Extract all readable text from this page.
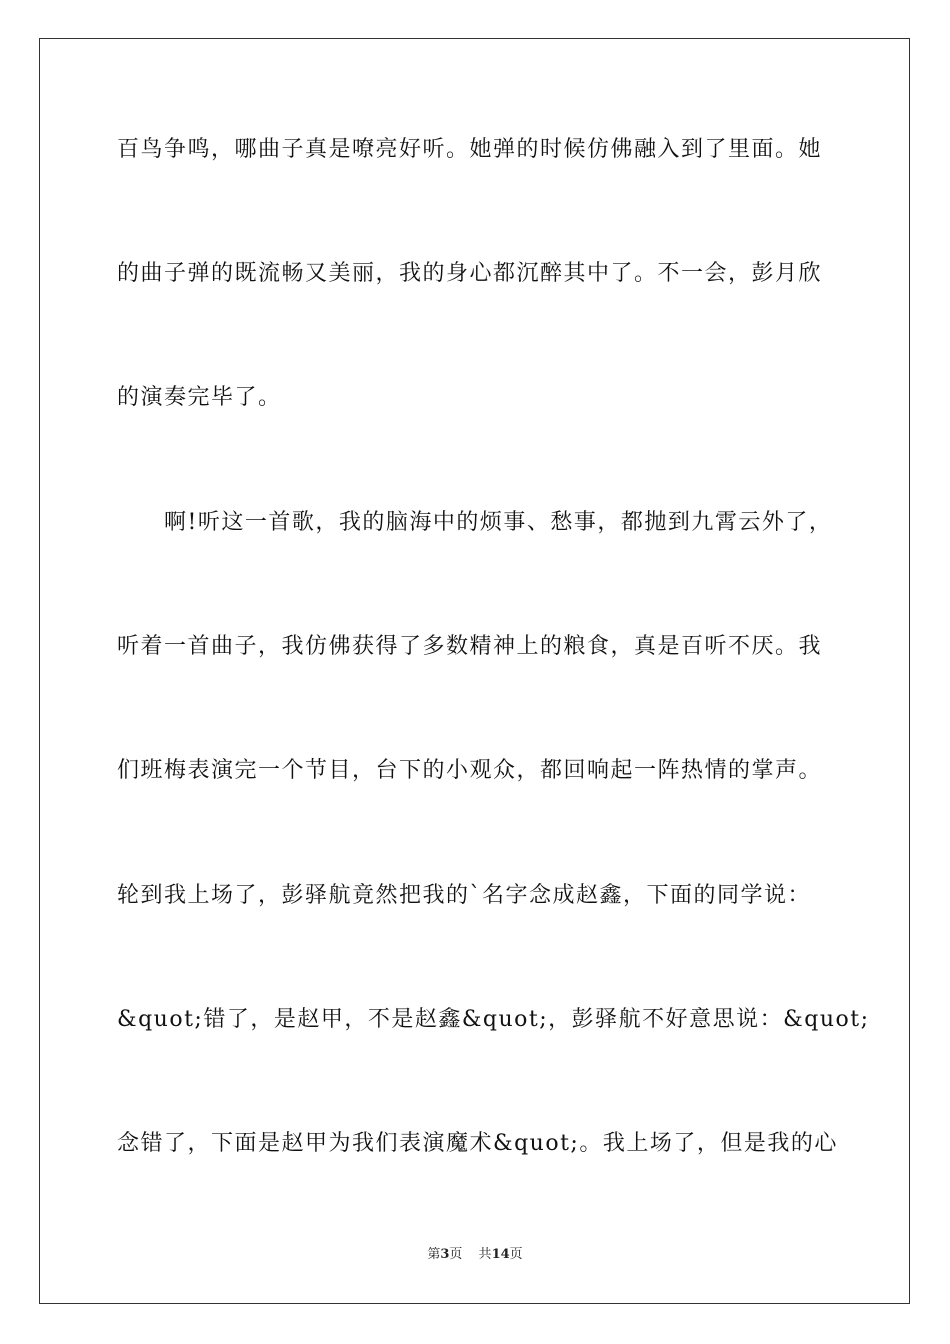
百鸟争鸣，哪曲子真是嘹亮好听。她弹的时候仿佛融入到了里面。她
的曲子弹的既流畅又美丽，我的身心都沉醉其中了。不一会，彭月欣
的演奏完毕了。
　　啊!听这一首歌，我的脑海中的烦事、愁事，都抛到九霄云外了，
听着一首曲子，我仿佛获得了多数精神上的粮食，真是百听不厌。我
们班梅表演完一个节目，台下的小观众，都回响起一阵热情的掌声。
轮到我上场了，彭驿航竟然把我的`名字念成赵鑫，下面的同学说：
&quot;错了，是赵甲，不是赵鑫&quot;，彭驿航不好意思说：&quot;
念错了，下面是赵甲为我们表演魔术&quot;。我上场了，但是我的心
第3页 共14页
